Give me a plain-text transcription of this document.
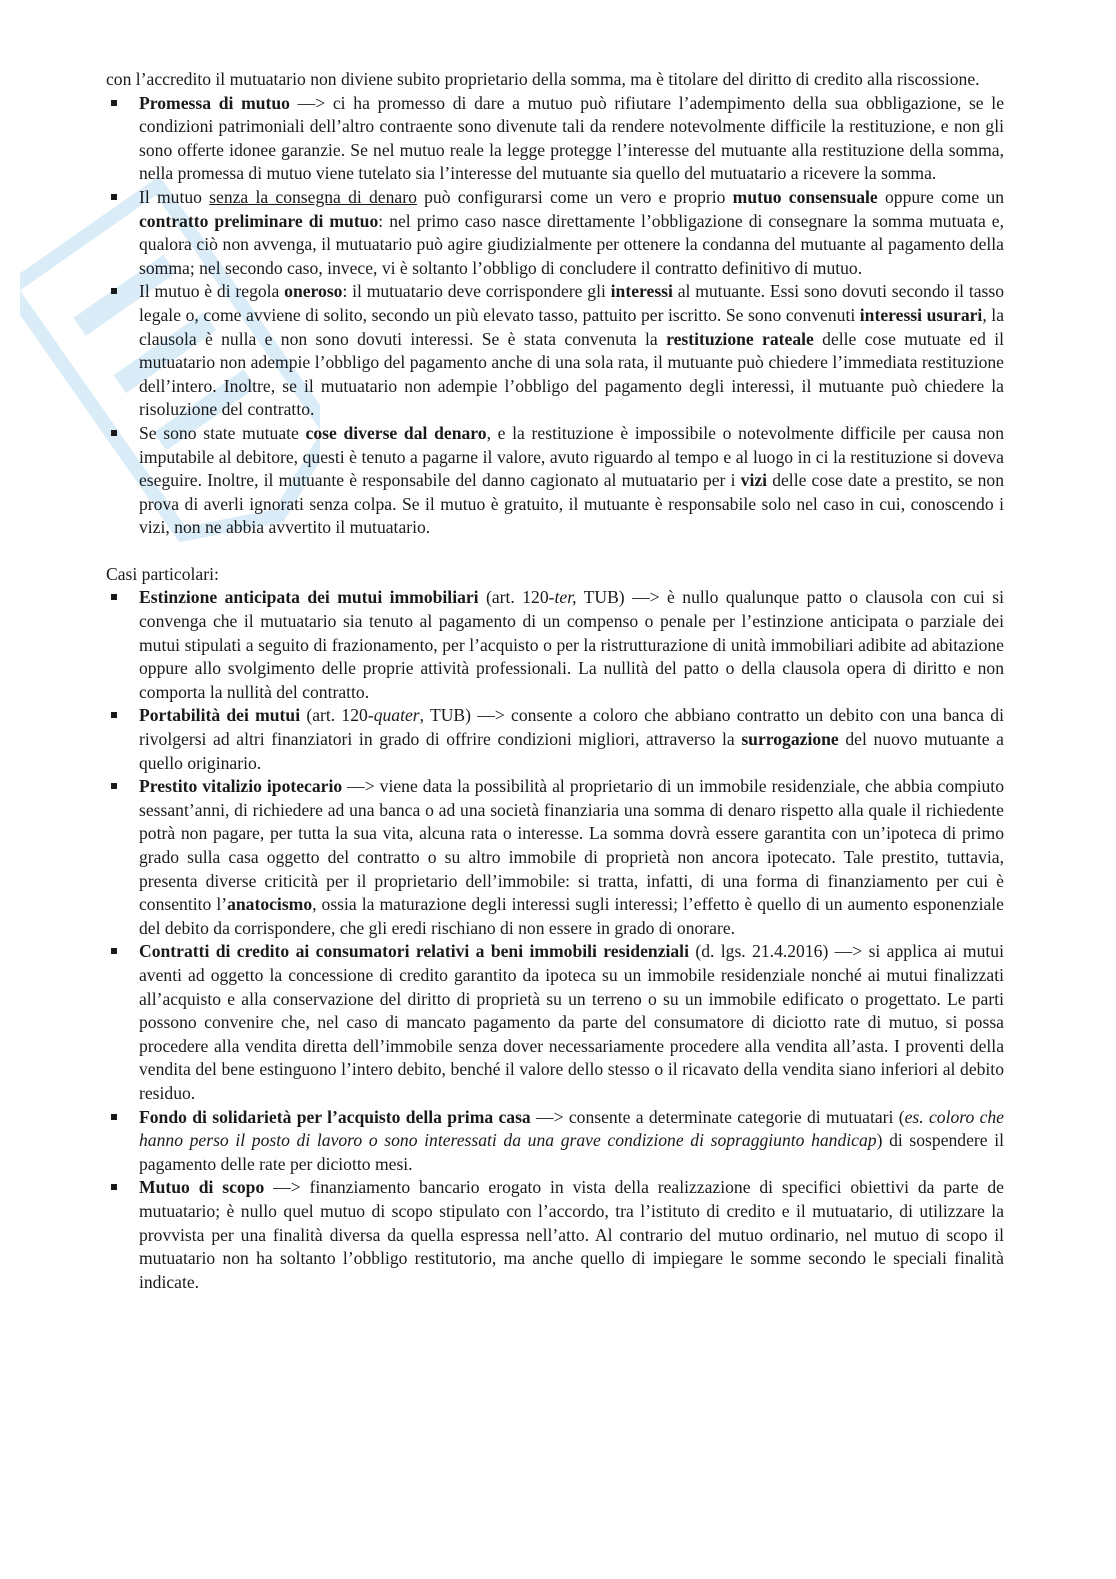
con l’accredito il mutuatario non diviene subito proprietario della somma, ma è titolare del diritto di credito alla riscossione.

Promessa di mutuo —> ci ha promesso di dare a mutuo può rifiutare l’adempimento della sua obbligazione, se le condizioni patrimoniali dell’altro contraente sono divenute tali da rendere notevolmente difficile la restituzione, e non gli sono offerte idonee garanzie. Se nel mutuo reale la legge protegge l’interesse del mutuante alla restituzione della somma, nella promessa di mutuo viene tutelato sia l’interesse del mutuante sia quello del mutuatario a ricevere la somma.
Il mutuo senza la consegna di denaro può configurarsi come un vero e proprio mutuo consensuale oppure come un contratto preliminare di mutuo: nel primo caso nasce direttamente l’obbligazione di consegnare la somma mutuata e, qualora ciò non avvenga, il mutuatario può agire giudizialmente per ottenere la condanna del mutuante al pagamento della somma; nel secondo caso, invece, vi è soltanto l’obbligo di concludere il contratto definitivo di mutuo.
Il mutuo è di regola oneroso: il mutuatario deve corrispondere gli interessi al mutuante. Essi sono dovuti secondo il tasso legale o, come avviene di solito, secondo un più elevato tasso, pattuito per iscritto. Se sono convenuti interessi usurari, la clausola è nulla e non sono dovuti interessi. Se è stata convenuta la restituzione rateale delle cose mutuate ed il mutuatario non adempie l’obbligo del pagamento anche di una sola rata, il mutuante può chiedere l’immediata restituzione dell’intero. Inoltre, se il mutuatario non adempie l’obbligo del pagamento degli interessi, il mutuante può chiedere la risoluzione del contratto.
Se sono state mutuate cose diverse dal denaro, e la restituzione è impossibile o notevolmente difficile per causa non imputabile al debitore, questi è tenuto a pagarne il valore, avuto riguardo al tempo e al luogo in ci la restituzione si doveva eseguire. Inoltre, il mutuante è responsabile del danno cagionato al mutuatario per i vizi delle cose date a prestito, se non prova di averli ignorati senza colpa. Se il mutuo è gratuito, il mutuante è responsabile solo nel caso in cui, conoscendo i vizi, non ne abbia avvertito il mutuatario.

Casi particolari:

Estinzione anticipata dei mutui immobiliari (art. 120-ter, TUB) —> è nullo qualunque patto o clausola con cui si convenga che il mutuatario sia tenuto al pagamento di un compenso o penale per l’estinzione anticipata o parziale dei mutui stipulati a seguito di frazionamento, per l’acquisto o per la ristrutturazione di unità immobiliari adibite ad abitazione oppure allo svolgimento delle proprie attività professionali. La nullità del patto o della clausola opera di diritto e non comporta la nullità del contratto.
Portabilità dei mutui (art. 120-quater, TUB) —> consente a coloro che abbiano contratto un debito con una banca di rivolgersi ad altri finanziatori in grado di offrire condizioni migliori, attraverso la surrogazione del nuovo mutuante a quello originario.
Prestito vitalizio ipotecario —> viene data la possibilità al proprietario di un immobile residenziale, che abbia compiuto sessant’anni, di richiedere ad una banca o ad una società finanziaria una somma di denaro rispetto alla quale il richiedente potrà non pagare, per tutta la sua vita, alcuna rata o interesse. La somma dovrà essere garantita con un’ipoteca di primo grado sulla casa oggetto del contratto o su altro immobile di proprietà non ancora ipotecato. Tale prestito, tuttavia, presenta diverse criticità per il proprietario dell’immobile: si tratta, infatti, di una forma di finanziamento per cui è consentito l’anatocismo, ossia la maturazione degli interessi sugli interessi; l’effetto è quello di un aumento esponenziale del debito da corrispondere, che gli eredi rischiano di non essere in grado di onorare.
Contratti di credito ai consumatori relativi a beni immobili residenziali (d. lgs. 21.4.2016) —> si applica ai mutui aventi ad oggetto la concessione di credito garantito da ipoteca su un immobile residenziale nonché ai mutui finalizzati all’acquisto e alla conservazione del diritto di proprietà su un terreno o su un immobile edificato o progettato. Le parti possono convenire che, nel caso di mancato pagamento da parte del consumatore di diciotto rate di mutuo, si possa procedere alla vendita diretta dell’immobile senza dover necessariamente procedere alla vendita all’asta. I proventi della vendita del bene estinguono l’intero debito, benché il valore dello stesso o il ricavato della vendita siano inferiori al debito residuo.
Fondo di solidarietà per l’acquisto della prima casa —> consente a determinate categorie di mutuatari (es. coloro che hanno perso il posto di lavoro o sono interessati da una grave condizione di sopraggiunto handicap) di sospendere il pagamento delle rate per diciotto mesi.
Mutuo di scopo —> finanziamento bancario erogato in vista della realizzazione di specifici obiettivi da parte de mutuatario; è nullo quel mutuo di scopo stipulato con l’accordo, tra l’istituto di credito e il mutuatario, di utilizzare la provvista per una finalità diversa da quella espressa nell’atto. Al contrario del mutuo ordinario, nel mutuo di scopo il mutuatario non ha soltanto l’obbligo restitutorio, ma anche quello di impiegare le somme secondo le speciali finalità indicate.
